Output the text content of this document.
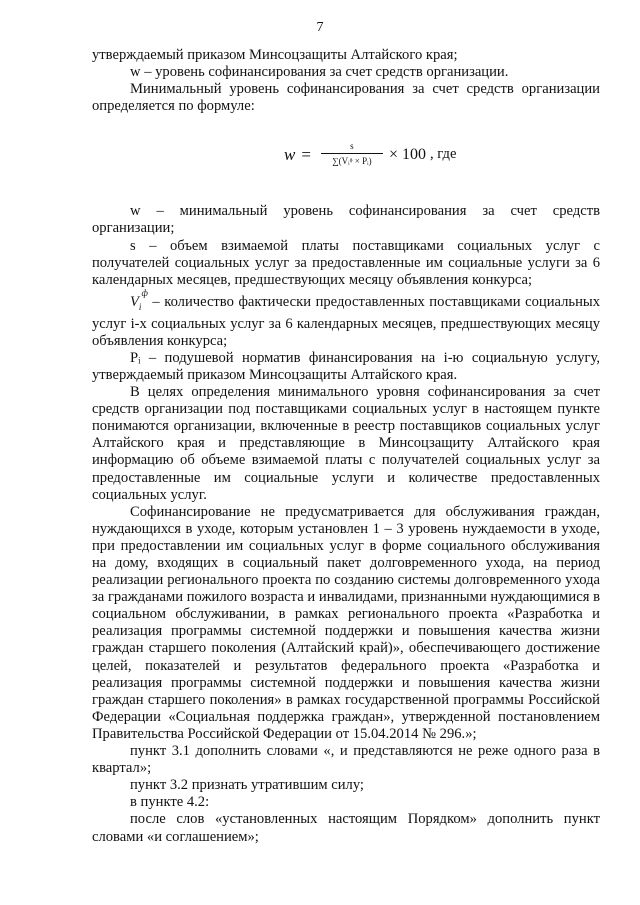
7

утверждаемый приказом Минсоцзащиты Алтайского края;

w – уровень софинансирования за счет средств организации.

Минимальный уровень софинансирования за счет средств организации определяется по формуле:

$w = \frac{s}{\text{∑(Vᵢᶲ × Pᵢ)}} \times 100$ , где

w – минимальный уровень софинансирования за счет средств организации;

s – объем взимаемой платы поставщиками социальных услуг с получателей социальных услуг за предоставленные им социальные услуги за 6 календарных месяцев, предшествующих месяцу объявления конкурса;

$V_i^ф$ – количество фактически предоставленных поставщиками социальных услуг i-х социальных услуг за 6 календарных месяцев, предшествующих месяцу объявления конкурса;

Pᵢ – подушевой норматив финансирования на i-ю социальную услугу, утверждаемый приказом Минсоцзащиты Алтайского края.

В целях определения минимального уровня софинансирования за счет средств организации под поставщиками социальных услуг в настоящем пункте понимаются организации, включенные в реестр поставщиков социальных услуг Алтайского края и представляющие в Минсоцзащиту Алтайского края информацию об объеме взимаемой платы с получателей социальных услуг за предоставленные им социальные услуги и количестве предоставленных социальных услуг.

Софинансирование не предусматривается для обслуживания граждан, нуждающихся в уходе, которым установлен 1 – 3 уровень нуждаемости в уходе, при предоставлении им социальных услуг в форме социального обслуживания на дому, входящих в социальный пакет долговременного ухода, на период реализации регионального проекта по созданию системы долговременного ухода за гражданами пожилого возраста и инвалидами, признанными нуждающимися в социальном обслуживании, в рамках регионального проекта «Разработка и реализация программы системной поддержки и повышения качества жизни граждан старшего поколения (Алтайский край)», обеспечивающего достижение целей, показателей и результатов федерального проекта «Разработка и реализация программы системной поддержки и повышения качества жизни граждан старшего поколения» в рамках государственной программы Российской Федерации «Социальная поддержка граждан», утвержденной постановлением Правительства Российской Федерации от 15.04.2014 № 296.»;

пункт 3.1 дополнить словами «, и представляются не реже одного раза в квартал»;

пункт 3.2 признать утратившим силу;

в пункте 4.2:

после слов «установленных настоящим Порядком» дополнить пункт словами «и соглашением»;
